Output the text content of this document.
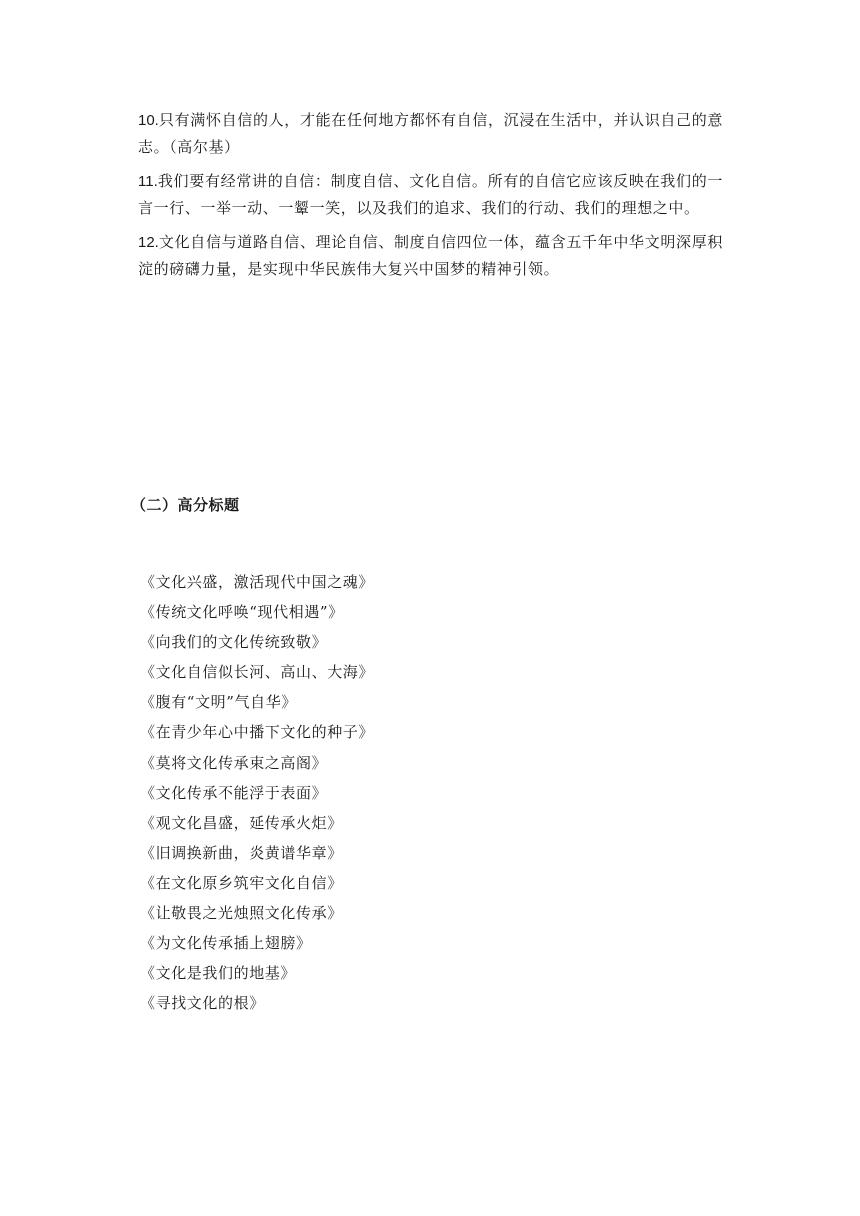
10.只有满怀自信的人，才能在任何地方都怀有自信，沉浸在生活中，并认识自己的意志。（高尔基）

11.我们要有经常讲的自信：制度自信、文化自信。所有的自信它应该反映在我们的一言一行、一举一动、一颦一笑，以及我们的追求、我们的行动、我们的理想之中。

12.文化自信与道路自信、理论自信、制度自信四位一体，蕴含五千年中华文明深厚积淀的磅礴力量，是实现中华民族伟大复兴中国梦的精神引领。

（二）高分标题
《文化兴盛，激活现代中国之魂》
《传统文化呼唤“现代相遇”》
《向我们的文化传统致敬》
《文化自信似长河、高山、大海》
《腹有“文明”气自华》
《在青少年心中播下文化的种子》
《莫将文化传承束之高阁》
《文化传承不能浮于表面》
《观文化昌盛，延传承火炬》
《旧调换新曲，炎黄谱华章》
《在文化原乡筑牢文化自信》
《让敬畏之光烛照文化传承》
《为文化传承插上翅膀》
《文化是我们的地基》
《寻找文化的根》
